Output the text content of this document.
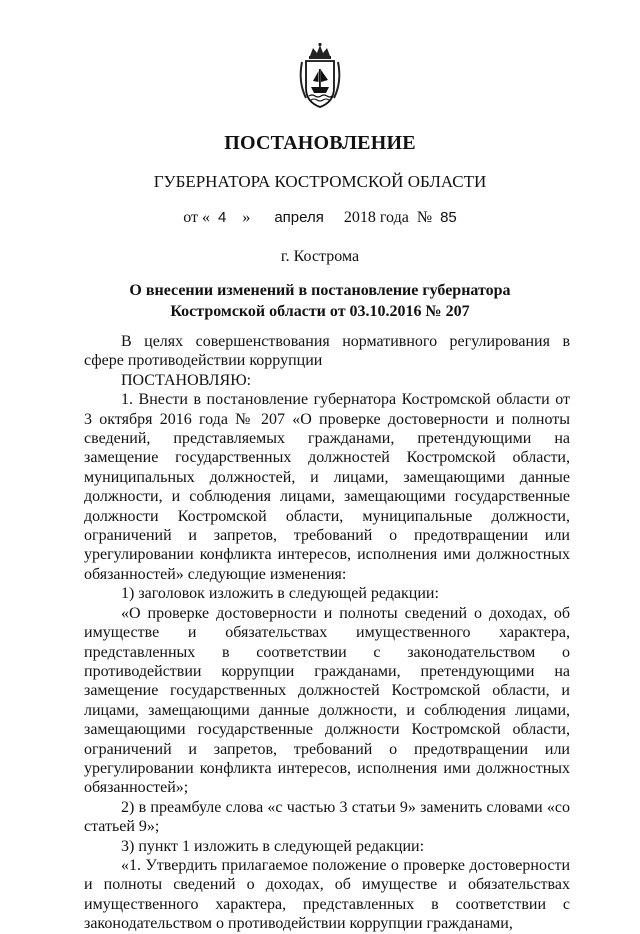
ПОСТАНОВЛЕНИЕ
ГУБЕРНАТОРА КОСТРОМСКОЙ ОБЛАСТИ
от « 4 » апреля 2018 года № 85
г. Кострома
О внесении изменений в постановление губернатора
Костромской области от 03.10.2016 № 207

В целях совершенствования нормативного регулирования в сфере противодействии коррупции

ПОСТАНОВЛЯЮ:

1. Внести в постановление губернатора Костромской области от 3 октября 2016 года № 207 «О проверке достоверности и полноты сведений, представляемых гражданами, претендующими на замещение государственных должностей Костромской области, муниципальных должностей, и лицами, замещающими данные должности, и соблюдения лицами, замещающими государственные должности Костромской области, муниципальные должности, ограничений и запретов, требований о предотвращении или урегулировании конфликта интересов, исполнения ими должностных обязанностей» следующие изменения:

1) заголовок изложить в следующей редакции:

«О проверке достоверности и полноты сведений о доходах, об имуществе и обязательствах имущественного характера, представленных в соответствии с законодательством о противодействии коррупции гражданами, претендующими на замещение государственных должностей Костромской области, и лицами, замещающими данные должности, и соблюдения лицами, замещающими государственные должности Костромской области, ограничений и запретов, требований о предотвращении или урегулировании конфликта интересов, исполнения ими должностных обязанностей»;

2) в преамбуле слова «с частью 3 статьи 9» заменить словами «со статьей 9»;

3) пункт 1 изложить в следующей редакции:

«1. Утвердить прилагаемое положение о проверке достоверности и полноты сведений о доходах, об имуществе и обязательствах имущественного характера, представленных в соответствии с законодательством о противодействии коррупции гражданами,
